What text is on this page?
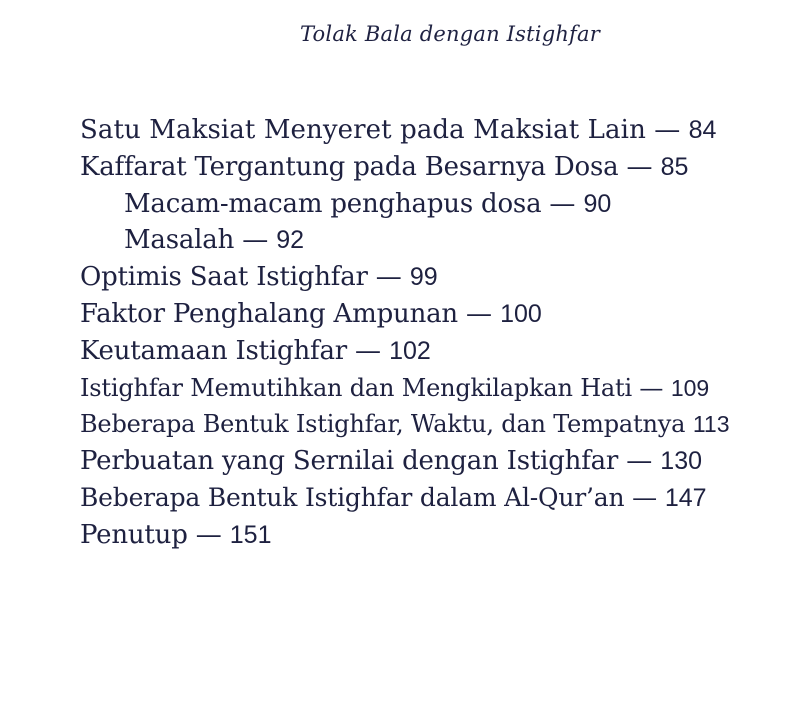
Tolak Bala dengan Istighfar
Satu Maksiat Menyeret pada Maksiat Lain — 84
Kaffarat Tergantung pada Besarnya Dosa — 85
Macam-macam penghapus dosa — 90
Masalah — 92
Optimis Saat Istighfar — 99
Faktor Penghalang Ampunan — 100
Keutamaan Istighfar — 102
Istighfar Memutihkan dan Mengkilapkan Hati — 109
Beberapa Bentuk Istighfar, Waktu, dan Tempatnya 113
Perbuatan yang Sernilai dengan Istighfar — 130
Beberapa Bentuk Istighfar dalam Al-Qur’an — 147
Penutup — 151
